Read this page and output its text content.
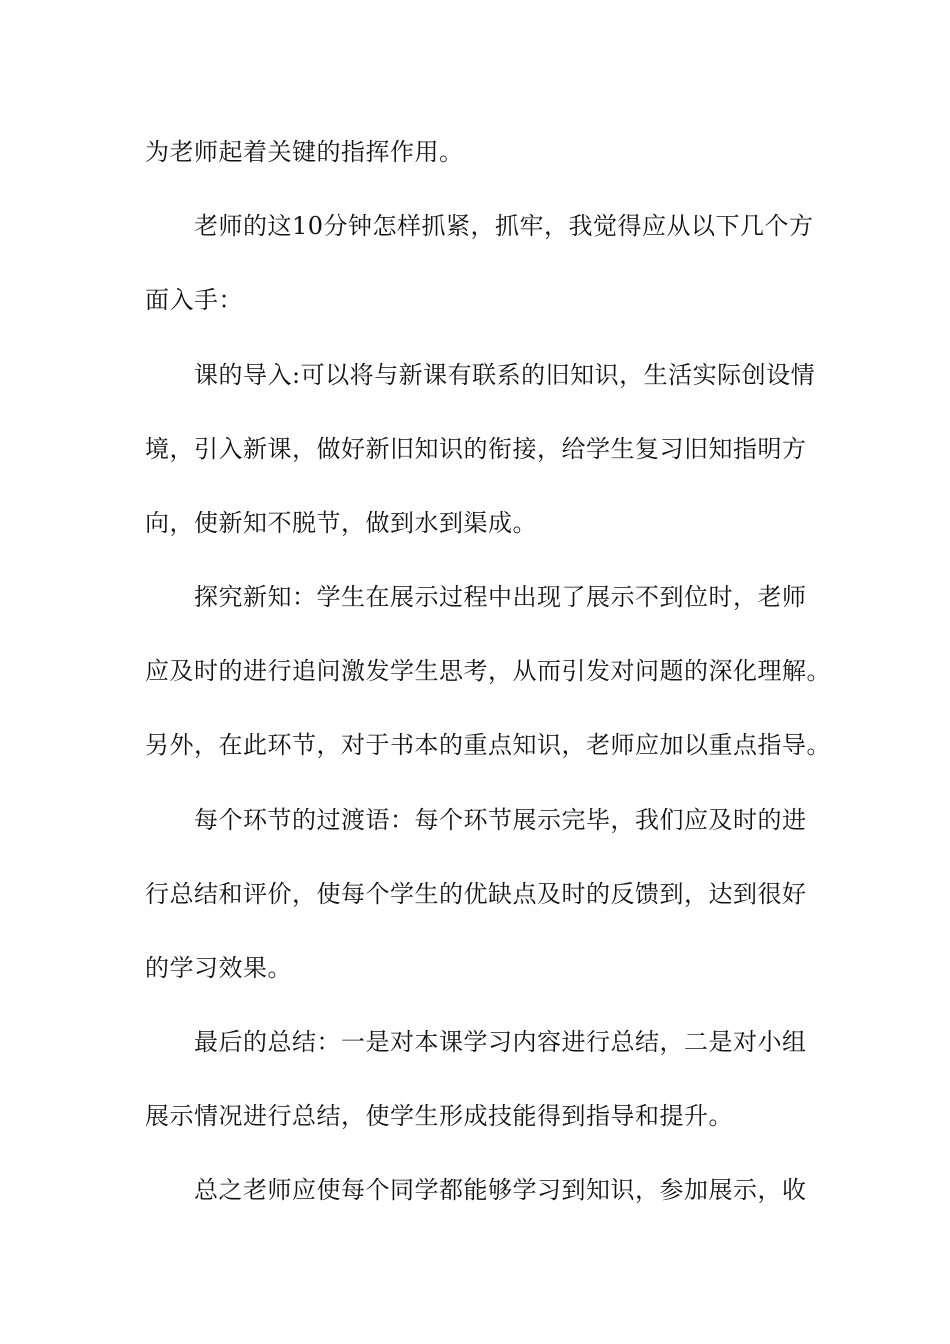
为老师起着关键的指挥作用。
老师的这10分钟怎样抓紧，抓牢，我觉得应从以下几个方
面入手：
课的导入:可以将与新课有联系的旧知识，生活实际创设情
境，引入新课，做好新旧知识的衔接，给学生复习旧知指明方
向，使新知不脱节，做到水到渠成。
探究新知：学生在展示过程中出现了展示不到位时，老师
应及时的进行追问激发学生思考，从而引发对问题的深化理解。
另外，在此环节，对于书本的重点知识，老师应加以重点指导。
每个环节的过渡语：每个环节展示完毕，我们应及时的进
行总结和评价，使每个学生的优缺点及时的反馈到，达到很好
的学习效果。
最后的总结：一是对本课学习内容进行总结，二是对小组
展示情况进行总结，使学生形成技能得到指导和提升。
总之老师应使每个同学都能够学习到知识，参加展示，收
